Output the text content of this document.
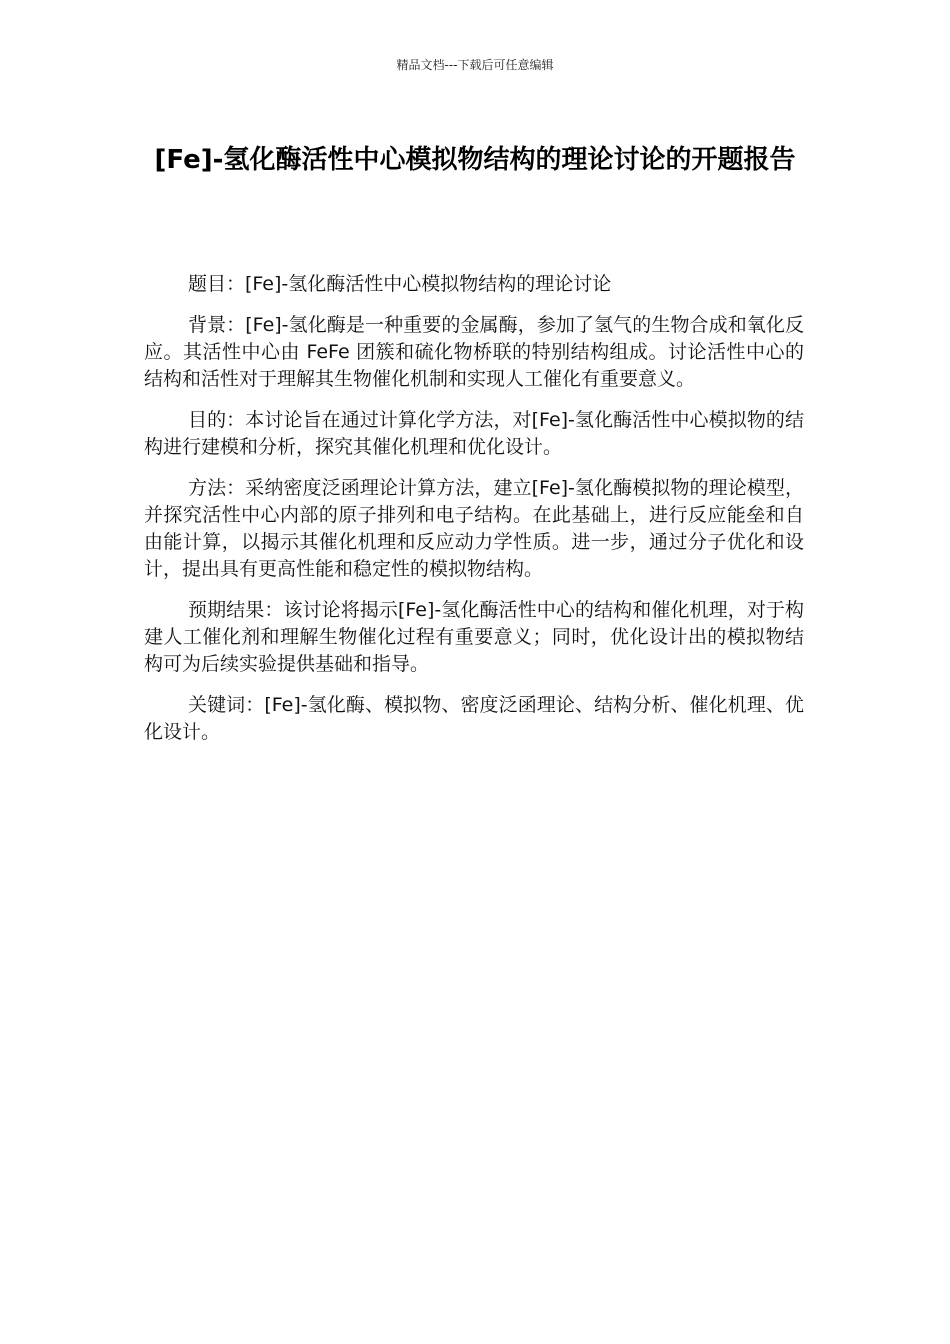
精品文档---下载后可任意编辑
[Fe]-氢化酶活性中心模拟物结构的理论讨论的开题报告

题目：[Fe]-氢化酶活性中心模拟物结构的理论讨论

背景：[Fe]-氢化酶是一种重要的金属酶，参加了氢气的生物合成和氧化反应。其活性中心由 FeFe 团簇和硫化物桥联的特别结构组成。讨论活性中心的结构和活性对于理解其生物催化机制和实现人工催化有重要意义。

目的：本讨论旨在通过计算化学方法，对[Fe]-氢化酶活性中心模拟物的结构进行建模和分析，探究其催化机理和优化设计。

方法：采纳密度泛函理论计算方法，建立[Fe]-氢化酶模拟物的理论模型，并探究活性中心内部的原子排列和电子结构。在此基础上，进行反应能垒和自由能计算，以揭示其催化机理和反应动力学性质。进一步，通过分子优化和设计，提出具有更高性能和稳定性的模拟物结构。

预期结果：该讨论将揭示[Fe]-氢化酶活性中心的结构和催化机理，对于构建人工催化剂和理解生物催化过程有重要意义；同时，优化设计出的模拟物结构可为后续实验提供基础和指导。

关键词：[Fe]-氢化酶、模拟物、密度泛函理论、结构分析、催化机理、优化设计。
